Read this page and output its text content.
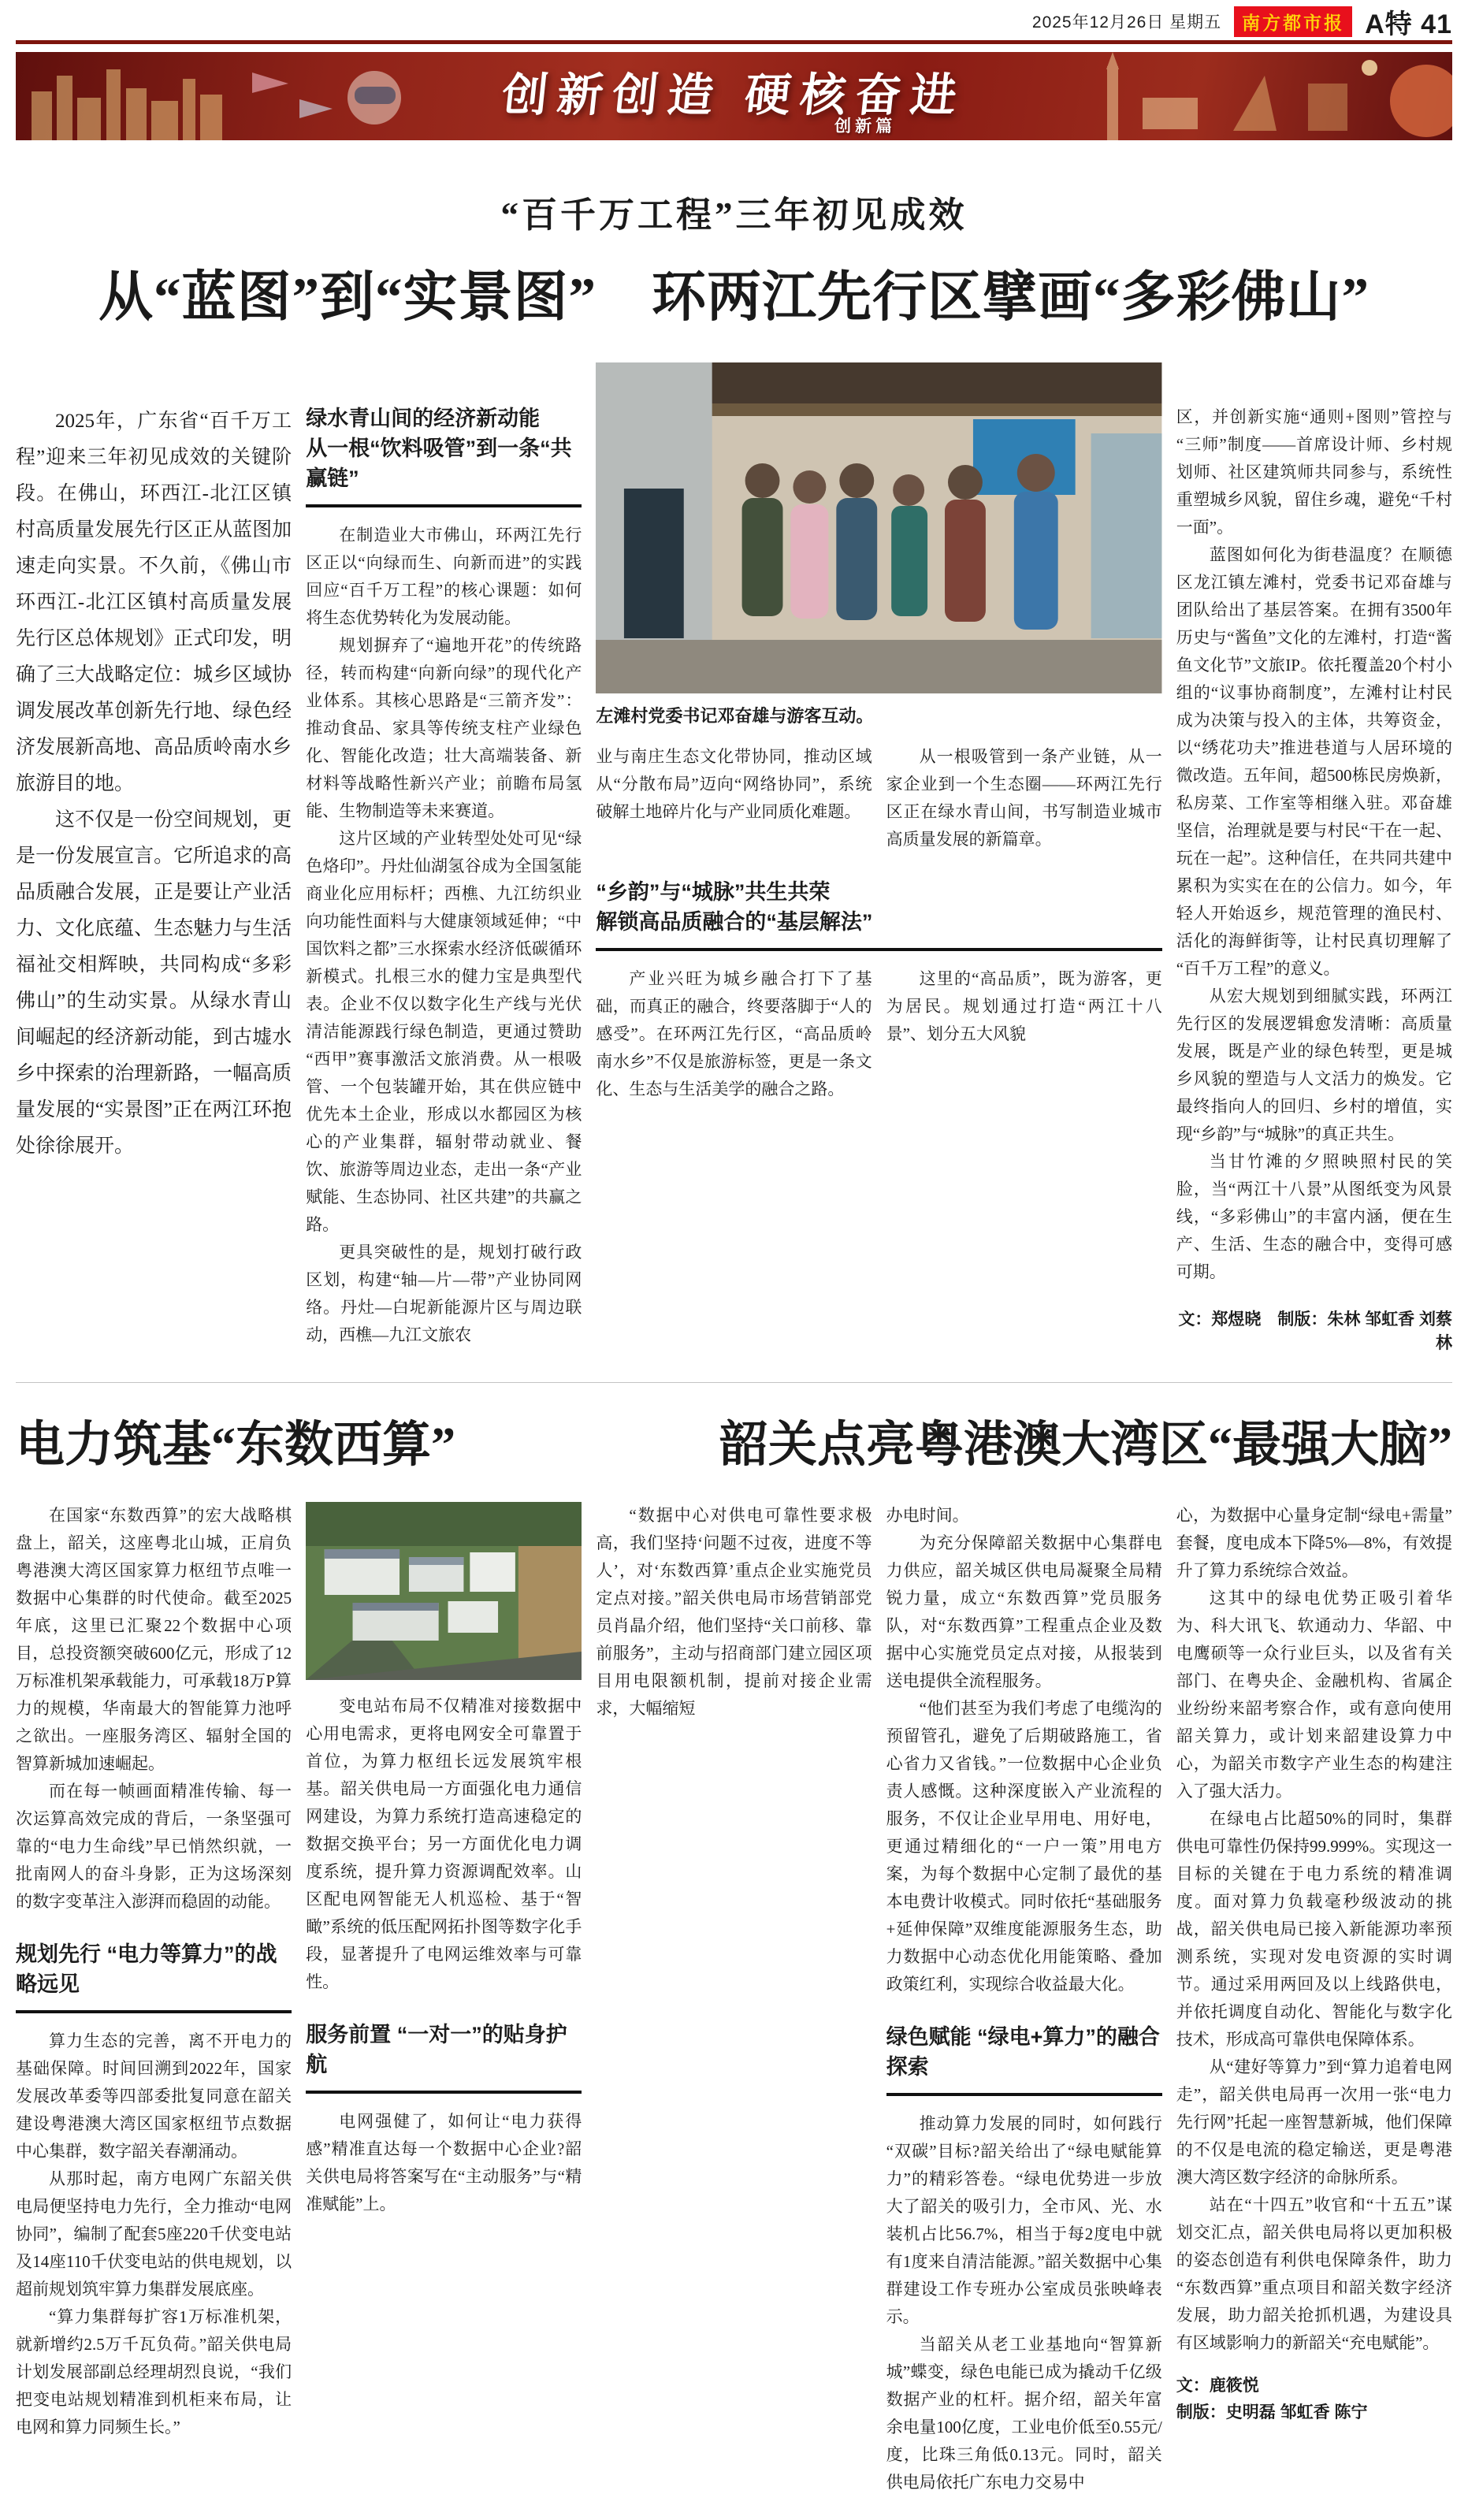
2025年12月26日 星期五	南方都市报 A特 41
创新创造 硬核奋进
创新篇
“百千万工程”三年初见成效
从“蓝图”到“实景图”　环两江先行区擘画“多彩佛山”

2025年，广东省“百千万工程”迎来三年初见成效的关键阶段。在佛山，环西江-北江区镇村高质量发展先行区正从蓝图加速走向实景。不久前，《佛山市环西江-北江区镇村高质量发展先行区总体规划》正式印发，明确了三大战略定位：城乡区域协调发展改革创新先行地、绿色经济发展新高地、高品质岭南水乡旅游目的地。

这不仅是一份空间规划，更是一份发展宣言。它所追求的高品质融合发展，正是要让产业活力、文化底蕴、生态魅力与生活福祉交相辉映，共同构成“多彩佛山”的生动实景。从绿水青山间崛起的经济新动能，到古墟水乡中探索的治理新路，一幅高质量发展的“实景图”正在两江环抱处徐徐展开。

绿水青山间的经济新动能
从一根“饮料吸管”到一条“共赢链”

在制造业大市佛山，环两江先行区正以“向绿而生、向新而进”的实践回应“百千万工程”的核心课题：如何将生态优势转化为发展动能。

规划摒弃了“遍地开花”的传统路径，转而构建“向新向绿”的现代化产业体系。其核心思路是“三箭齐发”：推动食品、家具等传统支柱产业绿色化、智能化改造；壮大高端装备、新材料等战略性新兴产业；前瞻布局氢能、生物制造等未来赛道。

这片区域的产业转型处处可见“绿色烙印”。丹灶仙湖氢谷成为全国氢能商业化应用标杆；西樵、九江纺织业向功能性面料与大健康领域延伸；“中国饮料之都”三水探索水经济低碳循环新模式。扎根三水的健力宝是典型代表。企业不仅以数字化生产线与光伏清洁能源践行绿色制造，更通过赞助“西甲”赛事激活文旅消费。从一根吸管、一个包装罐开始，其在供应链中优先本土企业，形成以水都园区为核心的产业集群，辐射带动就业、餐饮、旅游等周边业态，走出一条“产业赋能、生态协同、社区共建”的共赢之路。

更具突破性的是，规划打破行政区划，构建“轴—片—带”产业协同网络。丹灶—白坭新能源片区与周边联动，西樵—九江文旅农

左滩村党委书记邓奋雄与游客互动。

业与南庄生态文化带协同，推动区域从“分散布局”迈向“网络协同”，系统破解土地碎片化与产业同质化难题。

从一根吸管到一条产业链，从一家企业到一个生态圈——环两江先行区正在绿水青山间，书写制造业城市高质量发展的新篇章。

“乡韵”与“城脉”共生共荣
解锁高品质融合的“基层解法”

产业兴旺为城乡融合打下了基础，而真正的融合，终要落脚于“人的感受”。在环两江先行区，“高品质岭南水乡”不仅是旅游标签，更是一条文化、生态与生活美学的融合之路。

这里的“高品质”，既为游客，更为居民。规划通过打造“两江十八景”、划分五大风貌

区，并创新实施“通则+图则”管控与“三师”制度——首席设计师、乡村规划师、社区建筑师共同参与，系统性重塑城乡风貌，留住乡魂，避免“千村一面”。

蓝图如何化为街巷温度？在顺德区龙江镇左滩村，党委书记邓奋雄与团队给出了基层答案。在拥有3500年历史与“酱鱼”文化的左滩村，打造“酱鱼文化节”文旅IP。依托覆盖20个村小组的“议事协商制度”，左滩村让村民成为决策与投入的主体，共筹资金，以“绣花功夫”推进巷道与人居环境的微改造。五年间，超500栋民房焕新，私房菜、工作室等相继入驻。邓奋雄坚信，治理就是要与村民“干在一起、玩在一起”。这种信任，在共同共建中累积为实实在在的公信力。如今，年轻人开始返乡，规范管理的渔民村、活化的海鲜街等，让村民真切理解了“百千万工程”的意义。

从宏大规划到细腻实践，环两江先行区的发展逻辑愈发清晰：高质量发展，既是产业的绿色转型，更是城乡风貌的塑造与人文活力的焕发。它最终指向人的回归、乡村的增值，实现“乡韵”与“城脉”的真正共生。

当甘竹滩的夕照映照村民的笑脸，当“两江十八景”从图纸变为风景线，“多彩佛山”的丰富内涵，便在生产、生活、生态的融合中，变得可感可期。

文：郑煜晓　制版：朱林 邹虹香 刘蔡林
电力筑基“东数西算”	韶关点亮粤港澳大湾区“最强大脑”

在国家“东数西算”的宏大战略棋盘上，韶关，这座粤北山城，正肩负粤港澳大湾区国家算力枢纽节点唯一数据中心集群的时代使命。截至2025年底，这里已汇聚22个数据中心项目，总投资额突破600亿元，形成了12万标准机架承载能力，可承载18万P算力的规模，华南最大的智能算力池呼之欲出。一座服务湾区、辐射全国的智算新城加速崛起。

而在每一帧画面精准传输、每一次运算高效完成的背后，一条坚强可靠的“电力生命线”早已悄然织就，一批南网人的奋斗身影，正为这场深刻的数字变革注入澎湃而稳固的动能。

规划先行 “电力等算力”的战略远见

算力生态的完善，离不开电力的基础保障。时间回溯到2022年，国家发展改革委等四部委批复同意在韶关建设粤港澳大湾区国家枢纽节点数据中心集群，数字韶关春潮涌动。

从那时起，南方电网广东韶关供电局便坚持电力先行，全力推动“电网协同”，编制了配套5座220千伏变电站及14座110千伏变电站的供电规划，以超前规划筑牢算力集群发展底座。

“算力集群每扩容1万标准机架，就新增约2.5万千瓦负荷。”韶关供电局计划发展部副总经理胡烈良说，“我们把变电站规划精准到机柜来布局，让电网和算力同频生长。”

变电站布局不仅精准对接数据中心用电需求，更将电网安全可靠置于首位，为算力枢纽长远发展筑牢根基。韶关供电局一方面强化电力通信网建设，为算力系统打造高速稳定的数据交换平台；另一方面优化电力调度系统，提升算力资源调配效率。山区配电网智能无人机巡检、基于“智瞰”系统的低压配网拓扑图等数字化手段，显著提升了电网运维效率与可靠性。

服务前置 “一对一”的贴身护航

电网强健了，如何让“电力获得感”精准直达每一个数据中心企业?韶关供电局将答案写在“主动服务”与“精准赋能”上。

“数据中心对供电可靠性要求极高，我们坚持‘问题不过夜，进度不等人’，对‘东数西算’重点企业实施党员定点对接。”韶关供电局市场营销部党员肖晶介绍，他们坚持“关口前移、靠前服务”，主动与招商部门建立园区项目用电限额机制，提前对接企业需求，大幅缩短

办电时间。

为充分保障韶关数据中心集群电力供应，韶关城区供电局凝聚全局精锐力量，成立“东数西算”党员服务队，对“东数西算”工程重点企业及数据中心实施党员定点对接，从报装到送电提供全流程服务。

“他们甚至为我们考虑了电缆沟的预留管孔，避免了后期破路施工，省心省力又省钱。”一位数据中心企业负责人感慨。这种深度嵌入产业流程的服务，不仅让企业早用电、用好电，更通过精细化的“一户一策”用电方案，为每个数据中心定制了最优的基本电费计收模式。同时依托“基础服务+延伸保障”双维度能源服务生态，助力数据中心动态优化用能策略、叠加政策红利，实现综合收益最大化。

绿色赋能 “绿电+算力”的融合探索

推动算力发展的同时，如何践行“双碳”目标?韶关给出了“绿电赋能算力”的精彩答卷。“绿电优势进一步放大了韶关的吸引力，全市风、光、水装机占比56.7%，相当于每2度电中就有1度来自清洁能源。”韶关数据中心集群建设工作专班办公室成员张映峰表示。

当韶关从老工业基地向“智算新城”蝶变，绿色电能已成为撬动千亿级数据产业的杠杆。据介绍，韶关年富余电量100亿度，工业电价低至0.55元/度，比珠三角低0.13元。同时，韶关供电局依托广东电力交易中

心，为数据中心量身定制“绿电+需量”套餐，度电成本下降5%—8%，有效提升了算力系统综合效益。

这其中的绿电优势正吸引着华为、科大讯飞、软通动力、华韶、中电鹰硕等一众行业巨头，以及省有关部门、在粤央企、金融机构、省属企业纷纷来韶考察合作，或有意向使用韶关算力，或计划来韶建设算力中心，为韶关市数字产业生态的构建注入了强大活力。

在绿电占比超50%的同时，集群供电可靠性仍保持99.999%。实现这一目标的关键在于电力系统的精准调度。面对算力负载毫秒级波动的挑战，韶关供电局已接入新能源功率预测系统，实现对发电资源的实时调节。通过采用两回及以上线路供电，并依托调度自动化、智能化与数字化技术，形成高可靠供电保障体系。

从“建好等算力”到“算力追着电网走”，韶关供电局再一次用一张“电力先行网”托起一座智慧新城，他们保障的不仅是电流的稳定输送，更是粤港澳大湾区数字经济的命脉所系。

站在“十四五”收官和“十五五”谋划交汇点，韶关供电局将以更加积极的姿态创造有利供电保障条件，助力“东数西算”重点项目和韶关数字经济发展，助力韶关抢抓机遇，为建设具有区域影响力的新韶关“充电赋能”。

文：鹿筱悦
制版：史明磊 邹虹香 陈宁
